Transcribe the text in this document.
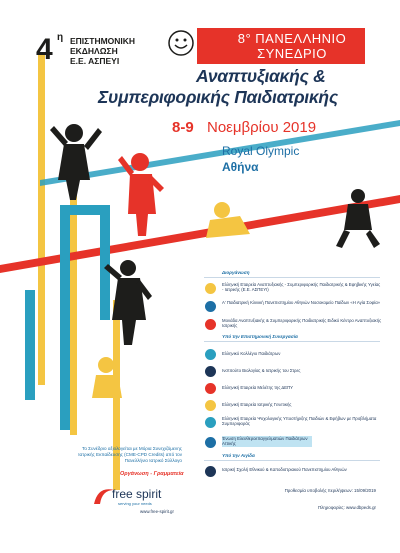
4 η ΕΠΙΣΤΗΜΟΝΙΚΗ
ΕΚΔΗΛΩΣΗ
Ε.Ε. ΑΣΠΕΥΙ
8° ΠΑΝΕΛΛΗΝΙΟ
ΣΥΝΕΔΡΙΟ
Αναπτυξιακής &
Συμπεριφορικής Παιδιατρικής
8-9 Νοεμβρίου 2019
Royal Olympic
Αθήνα
Διοργάνωση
Ελληνική Εταιρεία Αναπτυξιακής - Συμπεριφορικής Παιδιατρικής & Εφηβικής Υγείας - Ιατρικής (Ε.Ε. ΑΣΠΕΥΙ)
Α' Παιδιατρική Κλινική Πανεπιστημίου Αθηνών Νοσοκομείο Παίδων «Η Αγία Σοφία»
Μονάδα Αναπτυξιακής & Συμπεριφορικής Παιδιατρικής Ειδικό Κέντρο Αναπτυξιακής Ιατρικής
Υπό την Επιστημονική Συνεργασία
Ελληνικό Κολλέγιο Παιδιάτρων
Ινστιτούτο Βιολογίας & Ιατρικής του Στρες
Ελληνική Εταιρεία Μελέτης της ΔΕΠΥ
Ελληνική Εταιρεία Ιατρικής Γενετικής
Ελληνική Εταιρεία Ψυχολογικής Υποστήριξης Παιδιών & Εφήβων με Προβλήματα Συμπεριφοράς
Ένωση Ελευθεροεπαγγελματιών Παιδιάτρων Αττικής
Υπό την Αιγίδα
Ιατρική Σχολή Εθνικού & Καποδιστριακού Πανεπιστημίου Αθηνών
Το Συνέδριο αξιολογείται με Μόρια Συνεχιζόμενης Ιατρικής Εκπαίδευσης (CME-CPD Credits) από τον Πανελλήνιο Ιατρικό Σύλλογο
Οργάνωση - Γραμματεία
free spirit
serving your needs
www.free-spirit.gr
Προθεσμία υποβολής περιλήψεων: 15/09/2019
Πληροφορίες: www.dbpeds.gr
